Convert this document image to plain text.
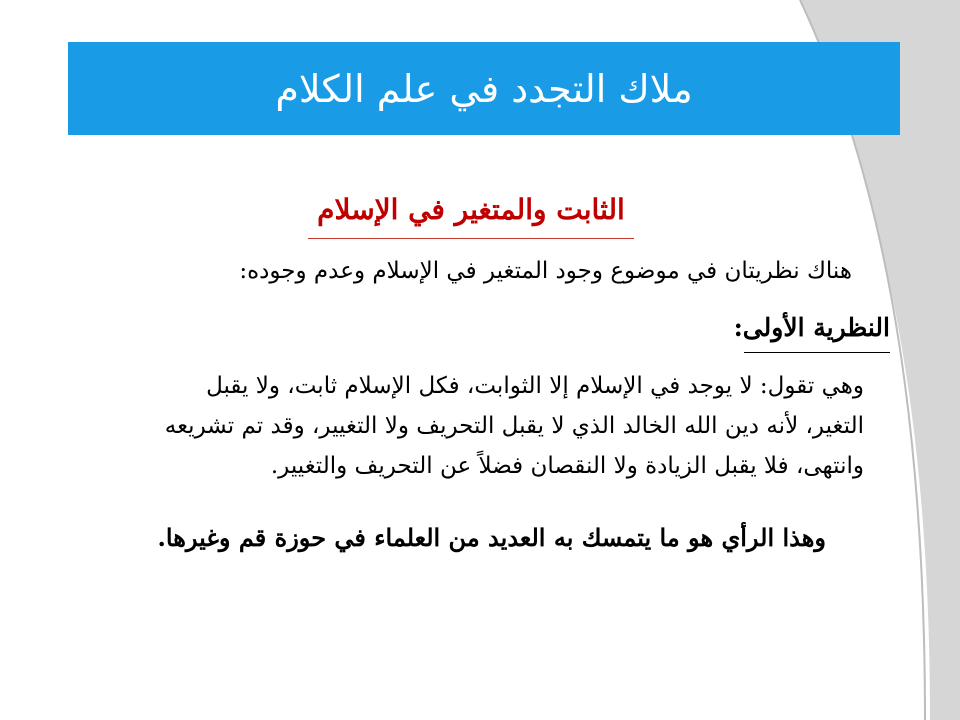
ملاك التجدد في علم الكلام
الثابت والمتغير في الإسلام
هناك نظريتان في موضوع وجود المتغير في الإسلام وعدم وجوده:
النظرية الأولى:
وهي تقول: لا يوجد في الإسلام إلا الثوابت، فكل الإسلام ثابت، ولا يقبل
التغير، لأنه دين الله الخالد الذي لا يقبل التحريف ولا التغيير، وقد تم تشريعه
وانتهى، فلا يقبل الزيادة ولا النقصان فضلاً عن التحريف والتغيير.
وهذا الرأي هو ما يتمسك به العديد من العلماء في حوزة قم وغيرها.
